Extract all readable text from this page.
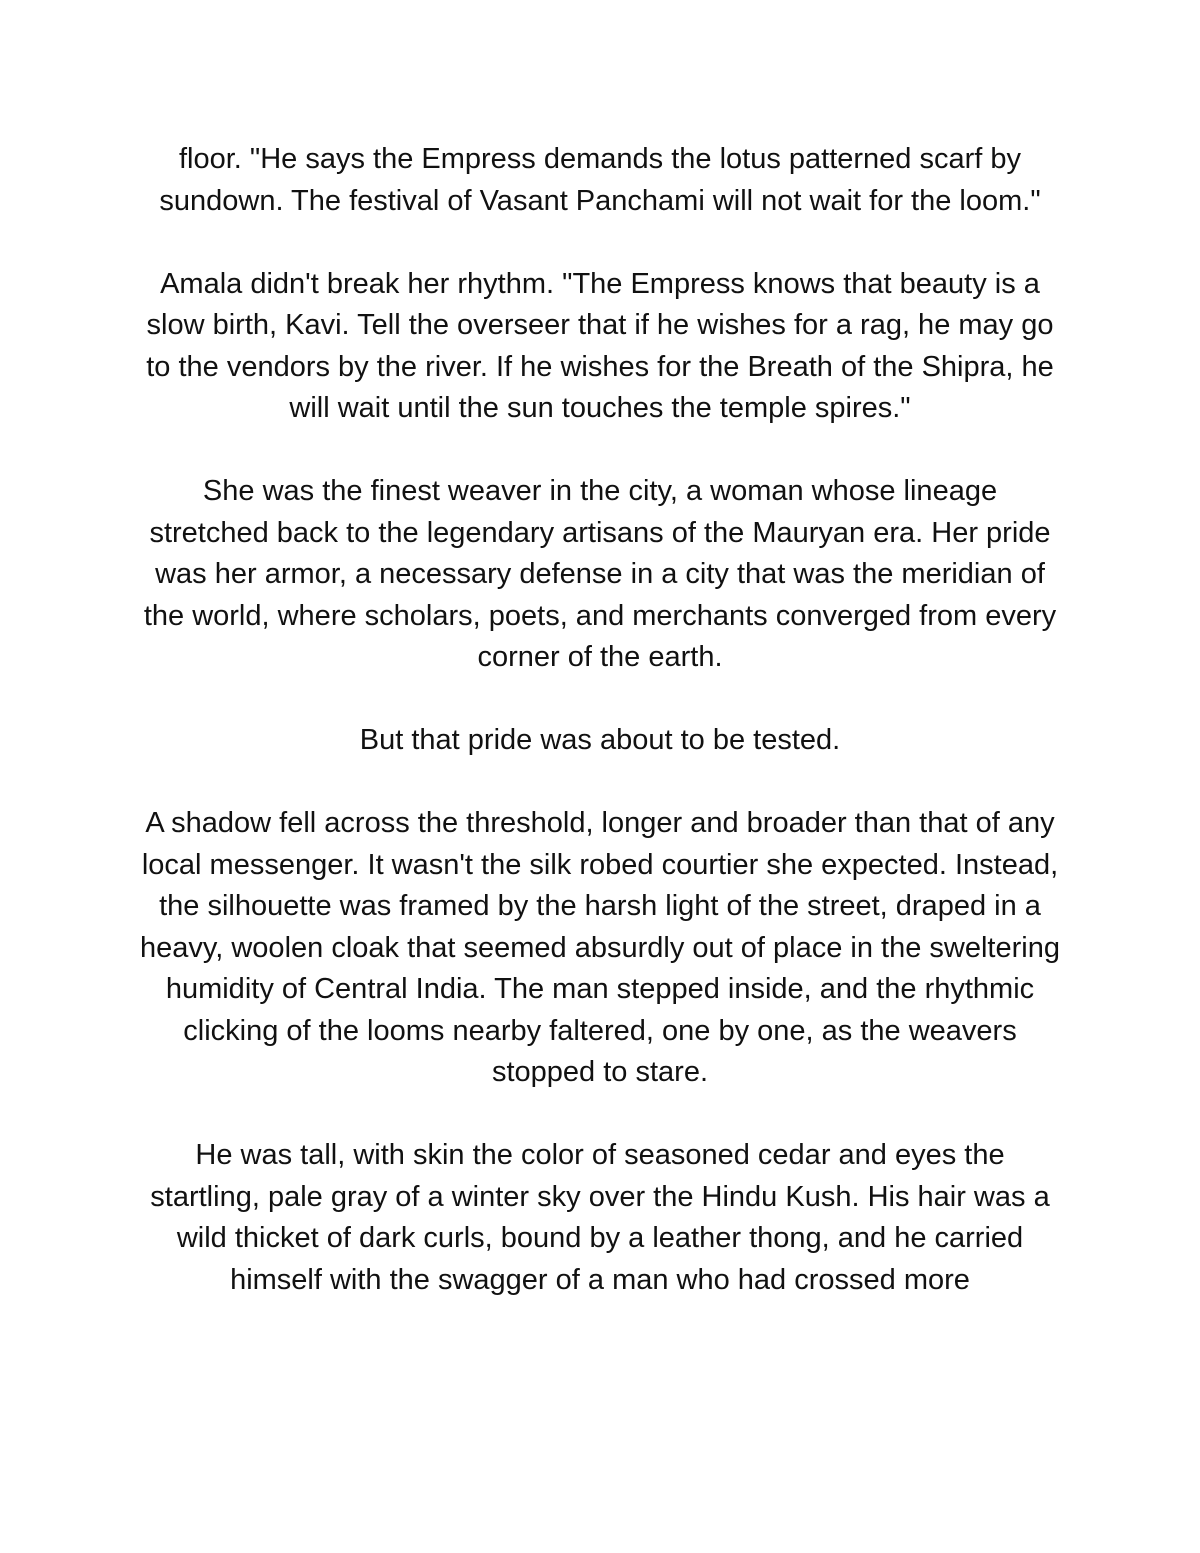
floor. "He says the Empress demands the lotus patterned scarf by sundown. The festival of Vasant Panchami will not wait for the loom."

Amala didn't break her rhythm. "The Empress knows that beauty is a slow birth, Kavi. Tell the overseer that if he wishes for a rag, he may go to the vendors by the river. If he wishes for the Breath of the Shipra, he will wait until the sun touches the temple spires."

She was the finest weaver in the city, a woman whose lineage stretched back to the legendary artisans of the Mauryan era. Her pride was her armor, a necessary defense in a city that was the meridian of the world, where scholars, poets, and merchants converged from every corner of the earth.

But that pride was about to be tested.

A shadow fell across the threshold, longer and broader than that of any local messenger. It wasn't the silk robed courtier she expected. Instead, the silhouette was framed by the harsh light of the street, draped in a heavy, woolen cloak that seemed absurdly out of place in the sweltering humidity of Central India. The man stepped inside, and the rhythmic clicking of the looms nearby faltered, one by one, as the weavers stopped to stare.

He was tall, with skin the color of seasoned cedar and eyes the startling, pale gray of a winter sky over the Hindu Kush. His hair was a wild thicket of dark curls, bound by a leather thong, and he carried himself with the swagger of a man who had crossed more
